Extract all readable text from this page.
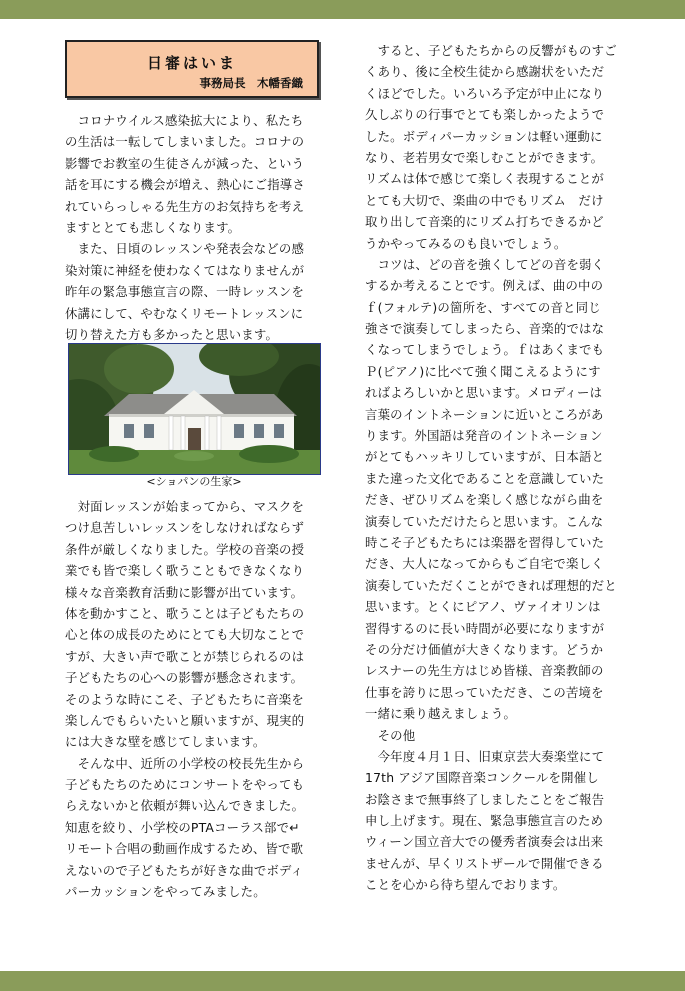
日審はいま
事務局長　木幡香織
　コロナウイルス感染拡大により、私たち
の生活は一転してしまいました。コロナの
影響でお教室の生徒さんが減った、という
話を耳にする機会が増え、熱心にご指導さ
れていらっしゃる先生方のお気持ちを考え
ますととても悲しくなります。
　また、日頃のレッスンや発表会などの感
染対策に神経を使わなくてはなりませんが
昨年の緊急事態宣言の際、一時レッスンを
休講にして、やむなくリモートレッスンに
切り替えた方も多かったと思います。
<ショパンの生家>
　対面レッスンが始まってから、マスクを
つけ息苦しいレッスンをしなければならず
条件が厳しくなりました。学校の音楽の授
業でも皆で楽しく歌うこともできなくなり
様々な音楽教育活動に影響が出ています。
体を動かすこと、歌うことは子どもたちの
心と体の成長のためにとても大切なことで
すが、大きい声で歌ことが禁じられるのは
子どもたちの心への影響が懸念されます。
そのような時にこそ、子どもたちに音楽を
楽しんでもらいたいと願いますが、現実的
には大きな壁を感じてしまいます。
　そんな中、近所の小学校の校長先生から
子どもたちのためにコンサートをやっても
らえないかと依頼が舞い込んできました。
知恵を絞り、小学校のPTAコーラス部で↵
リモート合唱の動画作成するため、皆で歌
えないので子どもたちが好きな曲でボディ
パーカッションをやってみました。
　すると、子どもたちからの反響がものすご
くあり、後に全校生徒から感謝状をいただ
くほどでした。いろいろ予定が中止になり
久しぶりの行事でとても楽しかったようで
した。ボディパーカッションは軽い運動に
なり、老若男女で楽しむことができます。
リズムは体で感じて楽しく表現することが
とても大切で、楽曲の中でもリズム　だけ
取り出して音楽的にリズム打ちできるかど
うかやってみるのも良いでしょう。
　コツは、どの音を強くしてどの音を弱く
するか考えることです。例えば、曲の中の
ｆ(フォルテ)の箇所を、すべての音と同じ
強さで演奏してしまったら、音楽的ではな
くなってしまうでしょう。ｆはあくまでも
Ｐ(ピアノ)に比べて強く聞こえるようにす
ればよろしいかと思います。メロディーは
言葉のイントネーションに近いところがあ
ります。外国語は発音のイントネーション
がとてもハッキリしていますが、日本語と
また違った文化であることを意識していた
だき、ぜひリズムを楽しく感じながら曲を
演奏していただけたらと思います。こんな
時こそ子どもたちには楽器を習得していた
だき、大人になってからもご自宅で楽しく
演奏していただくことができれば理想的だと
思います。とくにピアノ、ヴァイオリンは
習得するのに長い時間が必要になりますが
その分だけ価値が大きくなります。どうか
レスナーの先生方はじめ皆様、音楽教師の
仕事を誇りに思っていただき、この苦境を
一緒に乗り越えましょう。
　その他
　今年度４月１日、旧東京芸大奏楽堂にて
17th アジア国際音楽コンクールを開催し
お陰さまで無事終了しましたことをご報告
申し上げます。現在、緊急事態宣言のため
ウィーン国立音大での優秀者演奏会は出来
ませんが、早くリストザールで開催できる
ことを心から待ち望んでおります。
